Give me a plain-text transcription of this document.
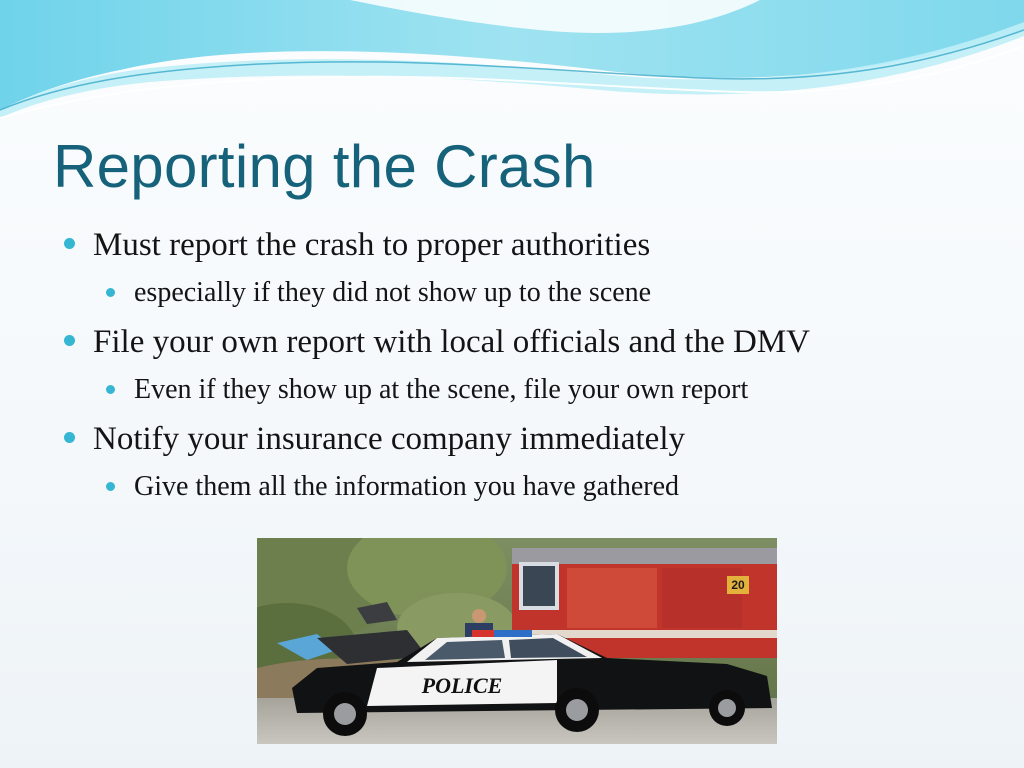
Reporting the Crash
Must report the crash to proper authorities
especially if they did not show up to the scene
File your own report with local officials and the DMV
Even if they show up at the scene, file your own report
Notify your insurance company immediately
Give them all the information you have gathered
20
POLICE
